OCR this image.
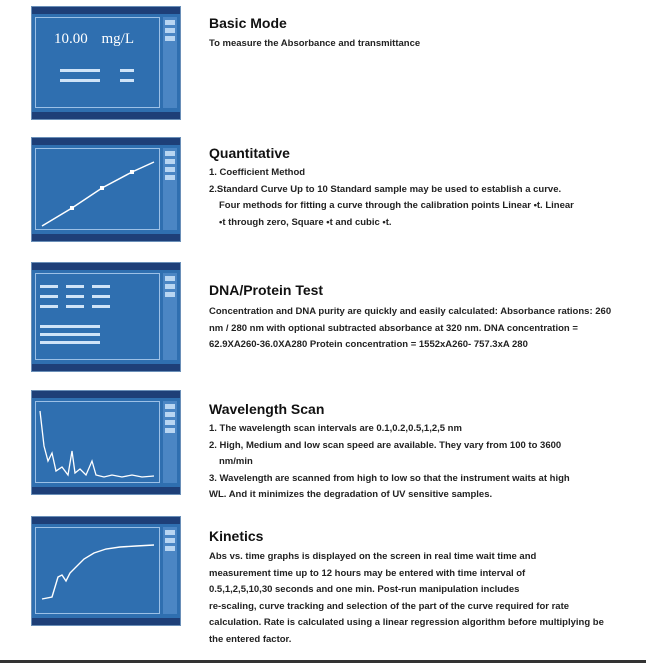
10.00 mg/L
Basic Mode

To measure the Absorbance and transmittance

Quantitative

1. Coefficient Method

2.Standard Curve Up to 10 Standard sample may be used to establish a curve.

Four methods for fitting a curve through the calibration points Linear •t. Linear

•t through zero, Square •t and cubic •t.

DNA/Protein Test

Concentration and DNA purity are quickly and easily calculated: Absorbance rations: 260

nm / 280 nm with optional subtracted absorbance at 320 nm. DNA concentration =

62.9XA260-36.0XA280 Protein concentration = 1552xA260- 757.3xA 280

Wavelength Scan

1. The wavelength scan intervals are 0.1,0.2,0.5,1,2,5 nm

2. High, Medium and low scan speed are available. They vary from 100 to 3600

nm/min

3. Wavelength are scanned from high to low so that the instrument waits at high

WL. And it minimizes the degradation of UV sensitive samples.

Kinetics

Abs vs. time graphs is displayed on the screen in real time wait time and

measurement time up to 12 hours may be entered with time interval of

0.5,1,2,5,10,30 seconds and one min. Post-run manipulation includes

re-scaling, curve tracking and selection of the part of the curve required for rate

calculation. Rate is calculated using a linear regression algorithm before multiplying be

the entered factor.
